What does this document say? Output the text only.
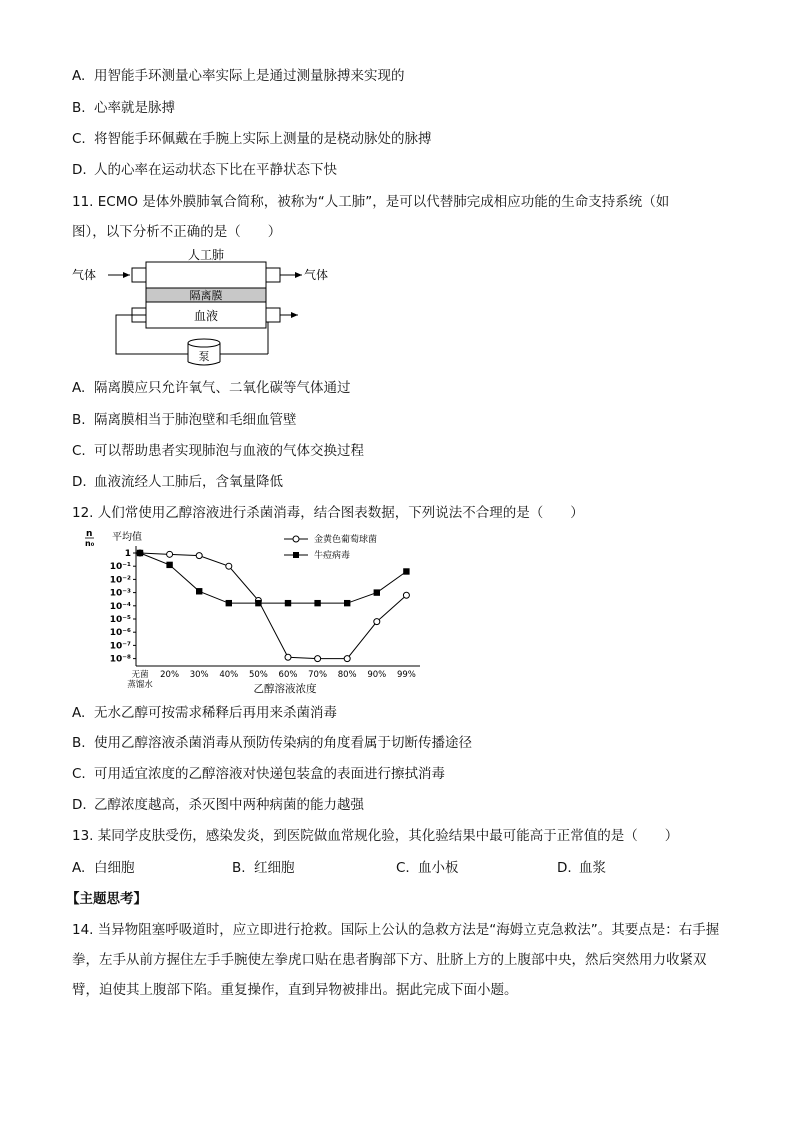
A. 用智能手环测量心率实际上是通过测量脉搏来实现的
B. 心率就是脉搏
C. 将智能手环佩戴在手腕上实际上测量的是桡动脉处的脉搏
D. 人的心率在运动状态下比在平静状态下快
11. ECMO 是体外膜肺氧合简称，被称为“人工肺”，是可以代替肺完成相应功能的生命支持系统（如
图），以下分析不正确的是（　　）
气体	气体
人工肺
隔离膜
血液
泵
A. 隔离膜应只允许氧气、二氧化碳等气体通过
B. 隔离膜相当于肺泡壁和毛细血管壁
C. 可以帮助患者实现肺泡与血液的气体交换过程
D. 血液流经人工肺后，含氧量降低
12. 人们常使用乙醇溶液进行杀菌消毒，结合图表数据，下列说法不合理的是（　　）
1
10⁻¹
10⁻²
10⁻³
10⁻⁴
10⁻⁵
10⁻⁶
10⁻⁷
10⁻⁸
无菌 20% 30% 40% 50% 60% 70% 80% 90% 99%
蒸馏水
n
n₀
平均值	金黄色葡萄球菌
牛痘病毒
乙醇溶液浓度
A. 无水乙醇可按需求稀释后再用来杀菌消毒
B. 使用乙醇溶液杀菌消毒从预防传染病的角度看属于切断传播途径
C. 可用适宜浓度的乙醇溶液对快递包装盒的表面进行擦拭消毒
D. 乙醇浓度越高，杀灭图中两种病菌的能力越强
13. 某同学皮肤受伤，感染发炎，到医院做血常规化验，其化验结果中最可能高于正常值的是（　　）
A. 白细胞	B. 红细胞	C. 血小板	D. 血浆
【主题思考】
14. 当异物阻塞呼吸道时，应立即进行抢救。国际上公认的急救方法是“海姆立克急救法”。其要点是：右手握拳，左手从前方握住左手手腕使左拳虎口贴在患者胸部下方、肚脐上方的上腹部中央，然后突然用力收紧双臂，迫使其上腹部下陷。重复操作，直到异物被排出。据此完成下面小题。
